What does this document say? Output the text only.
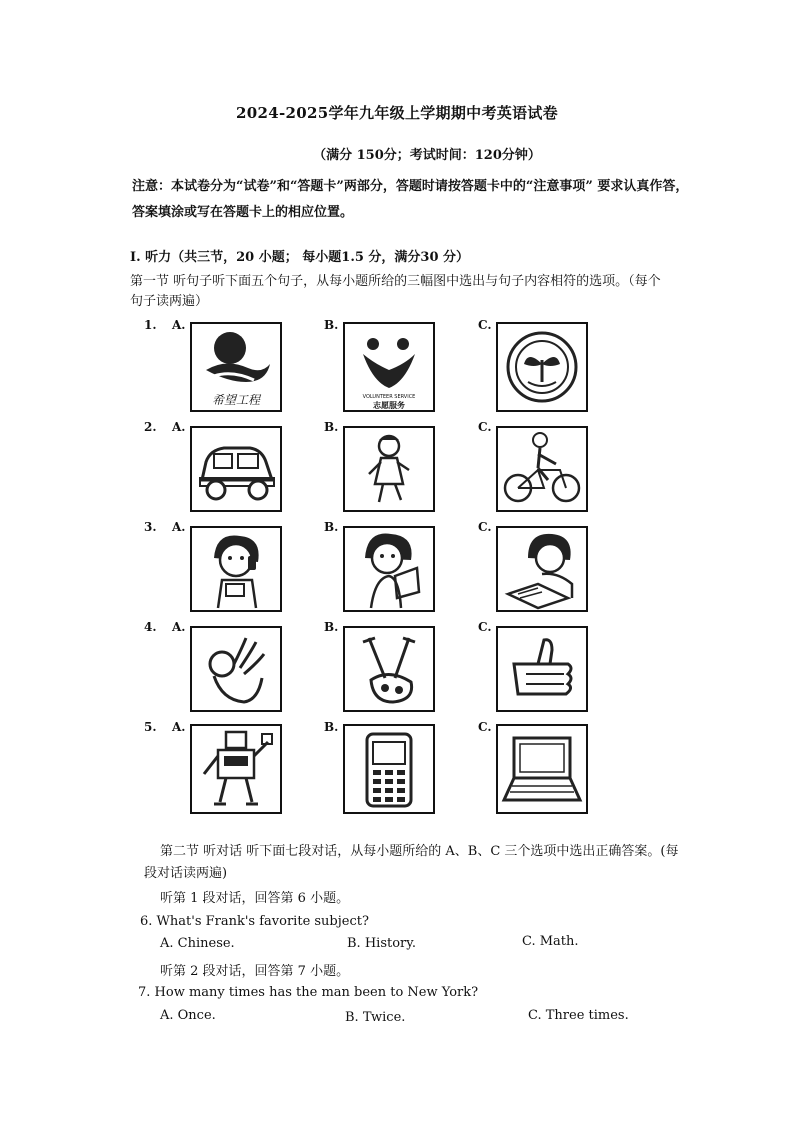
2024-2025学年九年级上学期期中考英语试卷
（满分 150分；考试时间：120分钟）
注意：本试卷分为“试卷”和“答题卡”两部分，答题时请按答题卡中的“注意事项” 要求认真作答，
答案填涂或写在答题卡上的相应位置。
I. 听力（共三节，20 小题； 每小题1.5 分，满分30 分）
第一节 听句子听下面五个句子，从每小题所给的三幅图中选出与句子内容相符的选项。（每个
句子读两遍）
1. A.	B.	C.
希望工程	VOLUNTEER SERVICE
志愿服务
2. A.	B.	C.
3. A.	B.	C.
4. A.	B.	C.
5. A.	B.	C.
第二节 听对话 听下面七段对话，从每小题所给的 A、B、C 三个选项中选出正确答案。(每
段对话读两遍)
听第 1 段对话，回答第 6 小题。
6. What's Frank's favorite subject?
A. Chinese.	B. History.	C. Math.
听第 2 段对话，回答第 7 小题。
7. How many times has the man been to New York?
A. Once.	B. Twice.	C. Three times.
